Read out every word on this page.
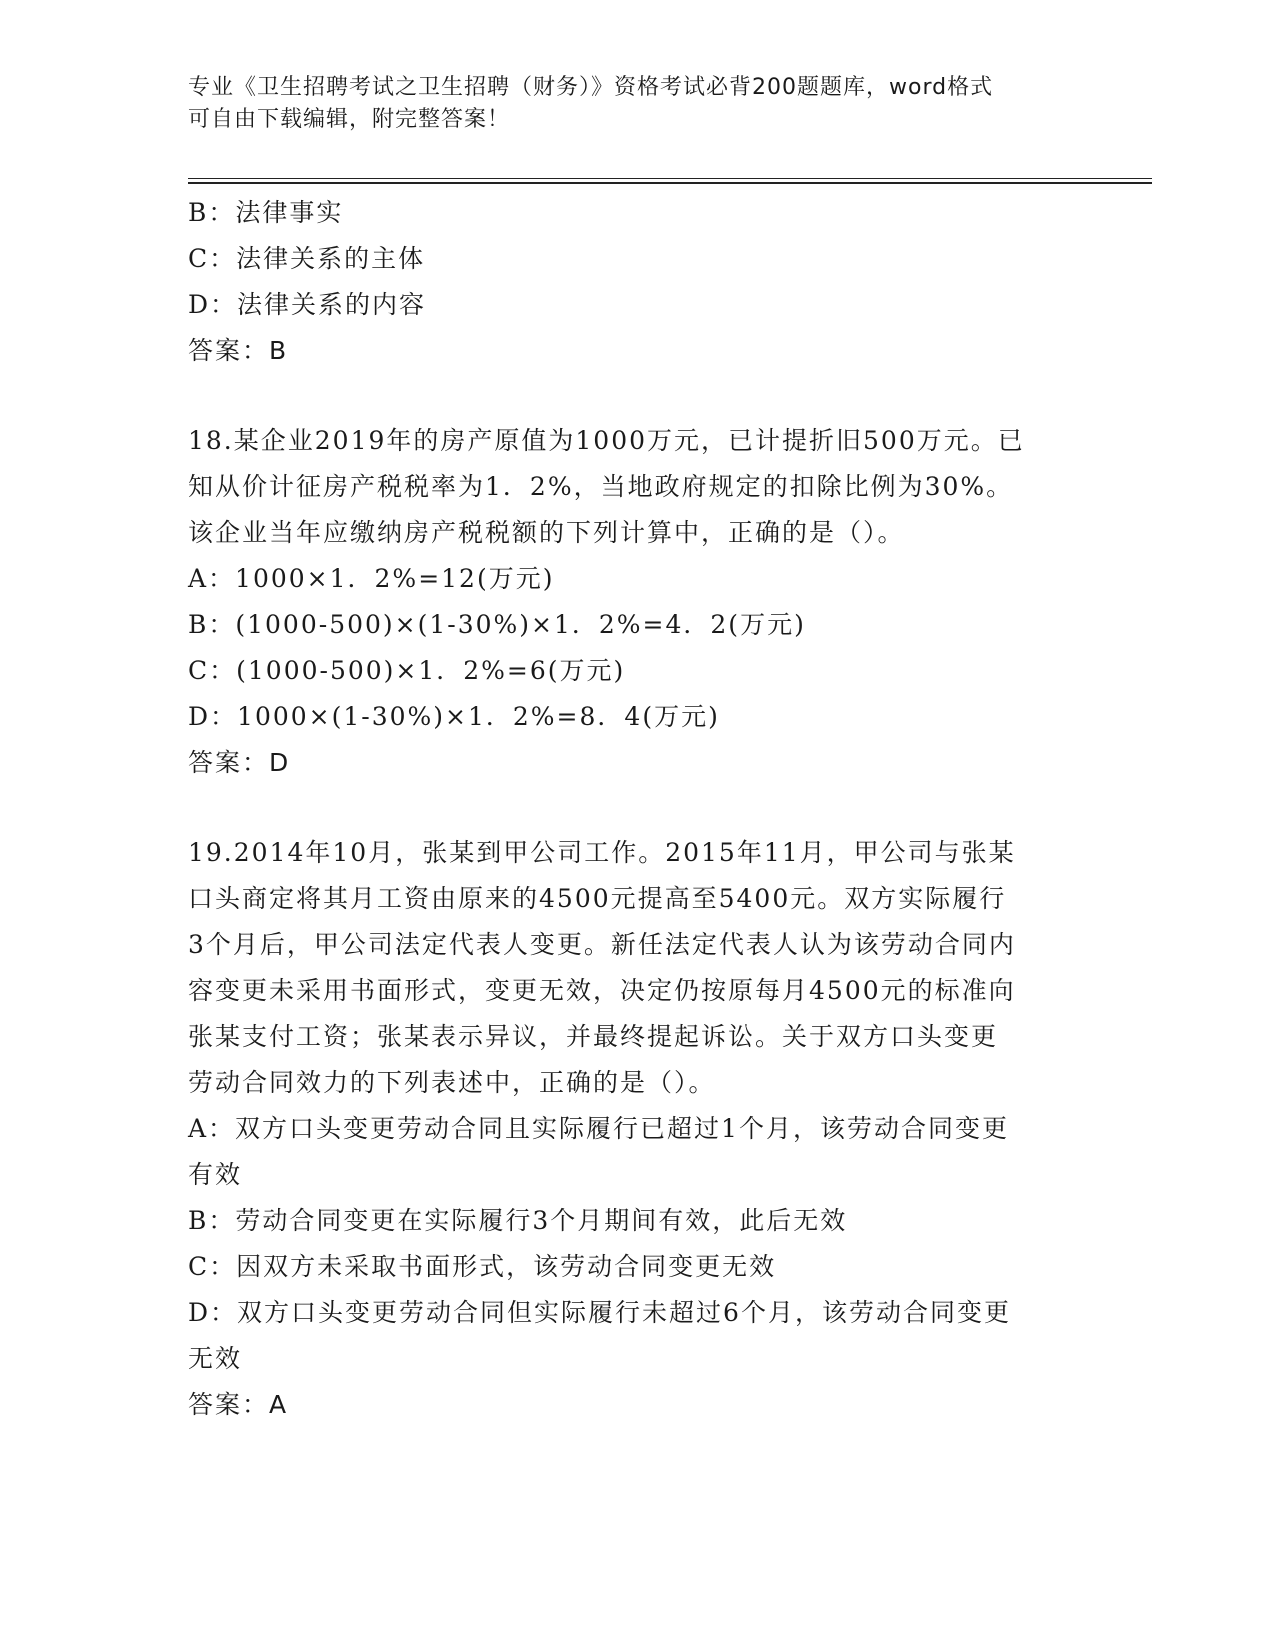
专业《卫生招聘考试之卫生招聘（财务）》资格考试必背200题题库，word格式
可自由下载编辑，附完整答案！
B：法律事实
C：法律关系的主体
D：法律关系的内容
答案：B
18.某企业2019年的房产原值为1000万元，已计提折旧500万元。已
知从价计征房产税税率为1．2%，当地政府规定的扣除比例为30%。
该企业当年应缴纳房产税税额的下列计算中，正确的是（）。
A：1000×1．2%=12(万元)
B：(1000-500)×(1-30%)×1．2%=4．2(万元)
C：(1000-500)×1．2%=6(万元)
D：1000×(1-30%)×1．2%=8．4(万元)
答案：D
19.2014年10月，张某到甲公司工作。2015年11月，甲公司与张某
口头商定将其月工资由原来的4500元提高至5400元。双方实际履行
3个月后，甲公司法定代表人变更。新任法定代表人认为该劳动合同内
容变更未采用书面形式，变更无效，决定仍按原每月4500元的标准向
张某支付工资；张某表示异议，并最终提起诉讼。关于双方口头变更
劳动合同效力的下列表述中，正确的是（）。
A：双方口头变更劳动合同且实际履行已超过1个月，该劳动合同变更
有效
B：劳动合同变更在实际履行3个月期间有效，此后无效
C：因双方未采取书面形式，该劳动合同变更无效
D：双方口头变更劳动合同但实际履行未超过6个月，该劳动合同变更
无效
答案：A
